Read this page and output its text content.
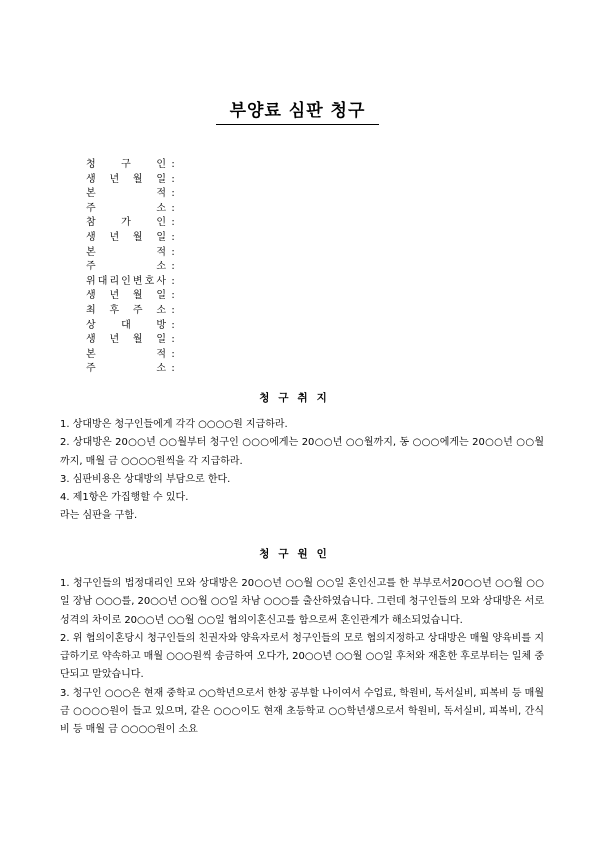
부양료 심판 청구
청	구	인 :
생 년 월 일 :
본	적 :
주	소 :
참	가	인 :
생 년 월 일 :
본	적 :
주	소 :
위 대 리 인 변 호 사 :
생 년 월 일 :
최 후 주 소 :
상	대	방 :
생 년 월 일 :
본	적 :
주	소 :
청구취지

1. 상대방은 청구인들에게 각각 ○○○○원 지급하라.

2. 상대방은 20○○년 ○○월부터 청구인 ○○○에게는 20○○년 ○○월까지, 동 ○○○에게는 20○○년 ○○월까지, 매월 금 ○○○○원씩을 각 지급하라.

3. 심판비용은 상대방의 부담으로 한다.

4. 제1항은 가집행할 수 있다.

라는 심판을 구함.

청구원인

1. 청구인들의 법정대리인 모와 상대방은 20○○년 ○○월 ○○일 혼인신고를 한 부부로서20○○년 ○○월 ○○일 장남 ○○○를, 20○○년 ○○월 ○○일 차남 ○○○를 출산하였습니다. 그런데 청구인들의 모와 상대방은 서로 성격의 차이로 20○○년 ○○월 ○○일 협의이혼신고를 함으로써 혼인관계가 해소되었습니다.

2. 위 협의이혼당시 청구인들의 친권자와 양육자로서 청구인들의 모로 협의지정하고 상대방은 매월 양육비를 지급하기로 약속하고 매월 ○○○원씩 송금하여 오다가, 20○○년 ○○월 ○○일 후처와 재혼한 후로부터는 일체 중단되고 말았습니다.

3. 청구인 ○○○은 현재 중학교 ○○학년으로서 한창 공부할 나이여서 수업료, 학원비, 독서실비, 피복비 등 매월 금 ○○○○원이 들고 있으며, 같은 ○○○이도 현재 초등학교 ○○학년생으로서 학원비, 독서실비, 피복비, 간식비 등 매월 금 ○○○○원이 소요
